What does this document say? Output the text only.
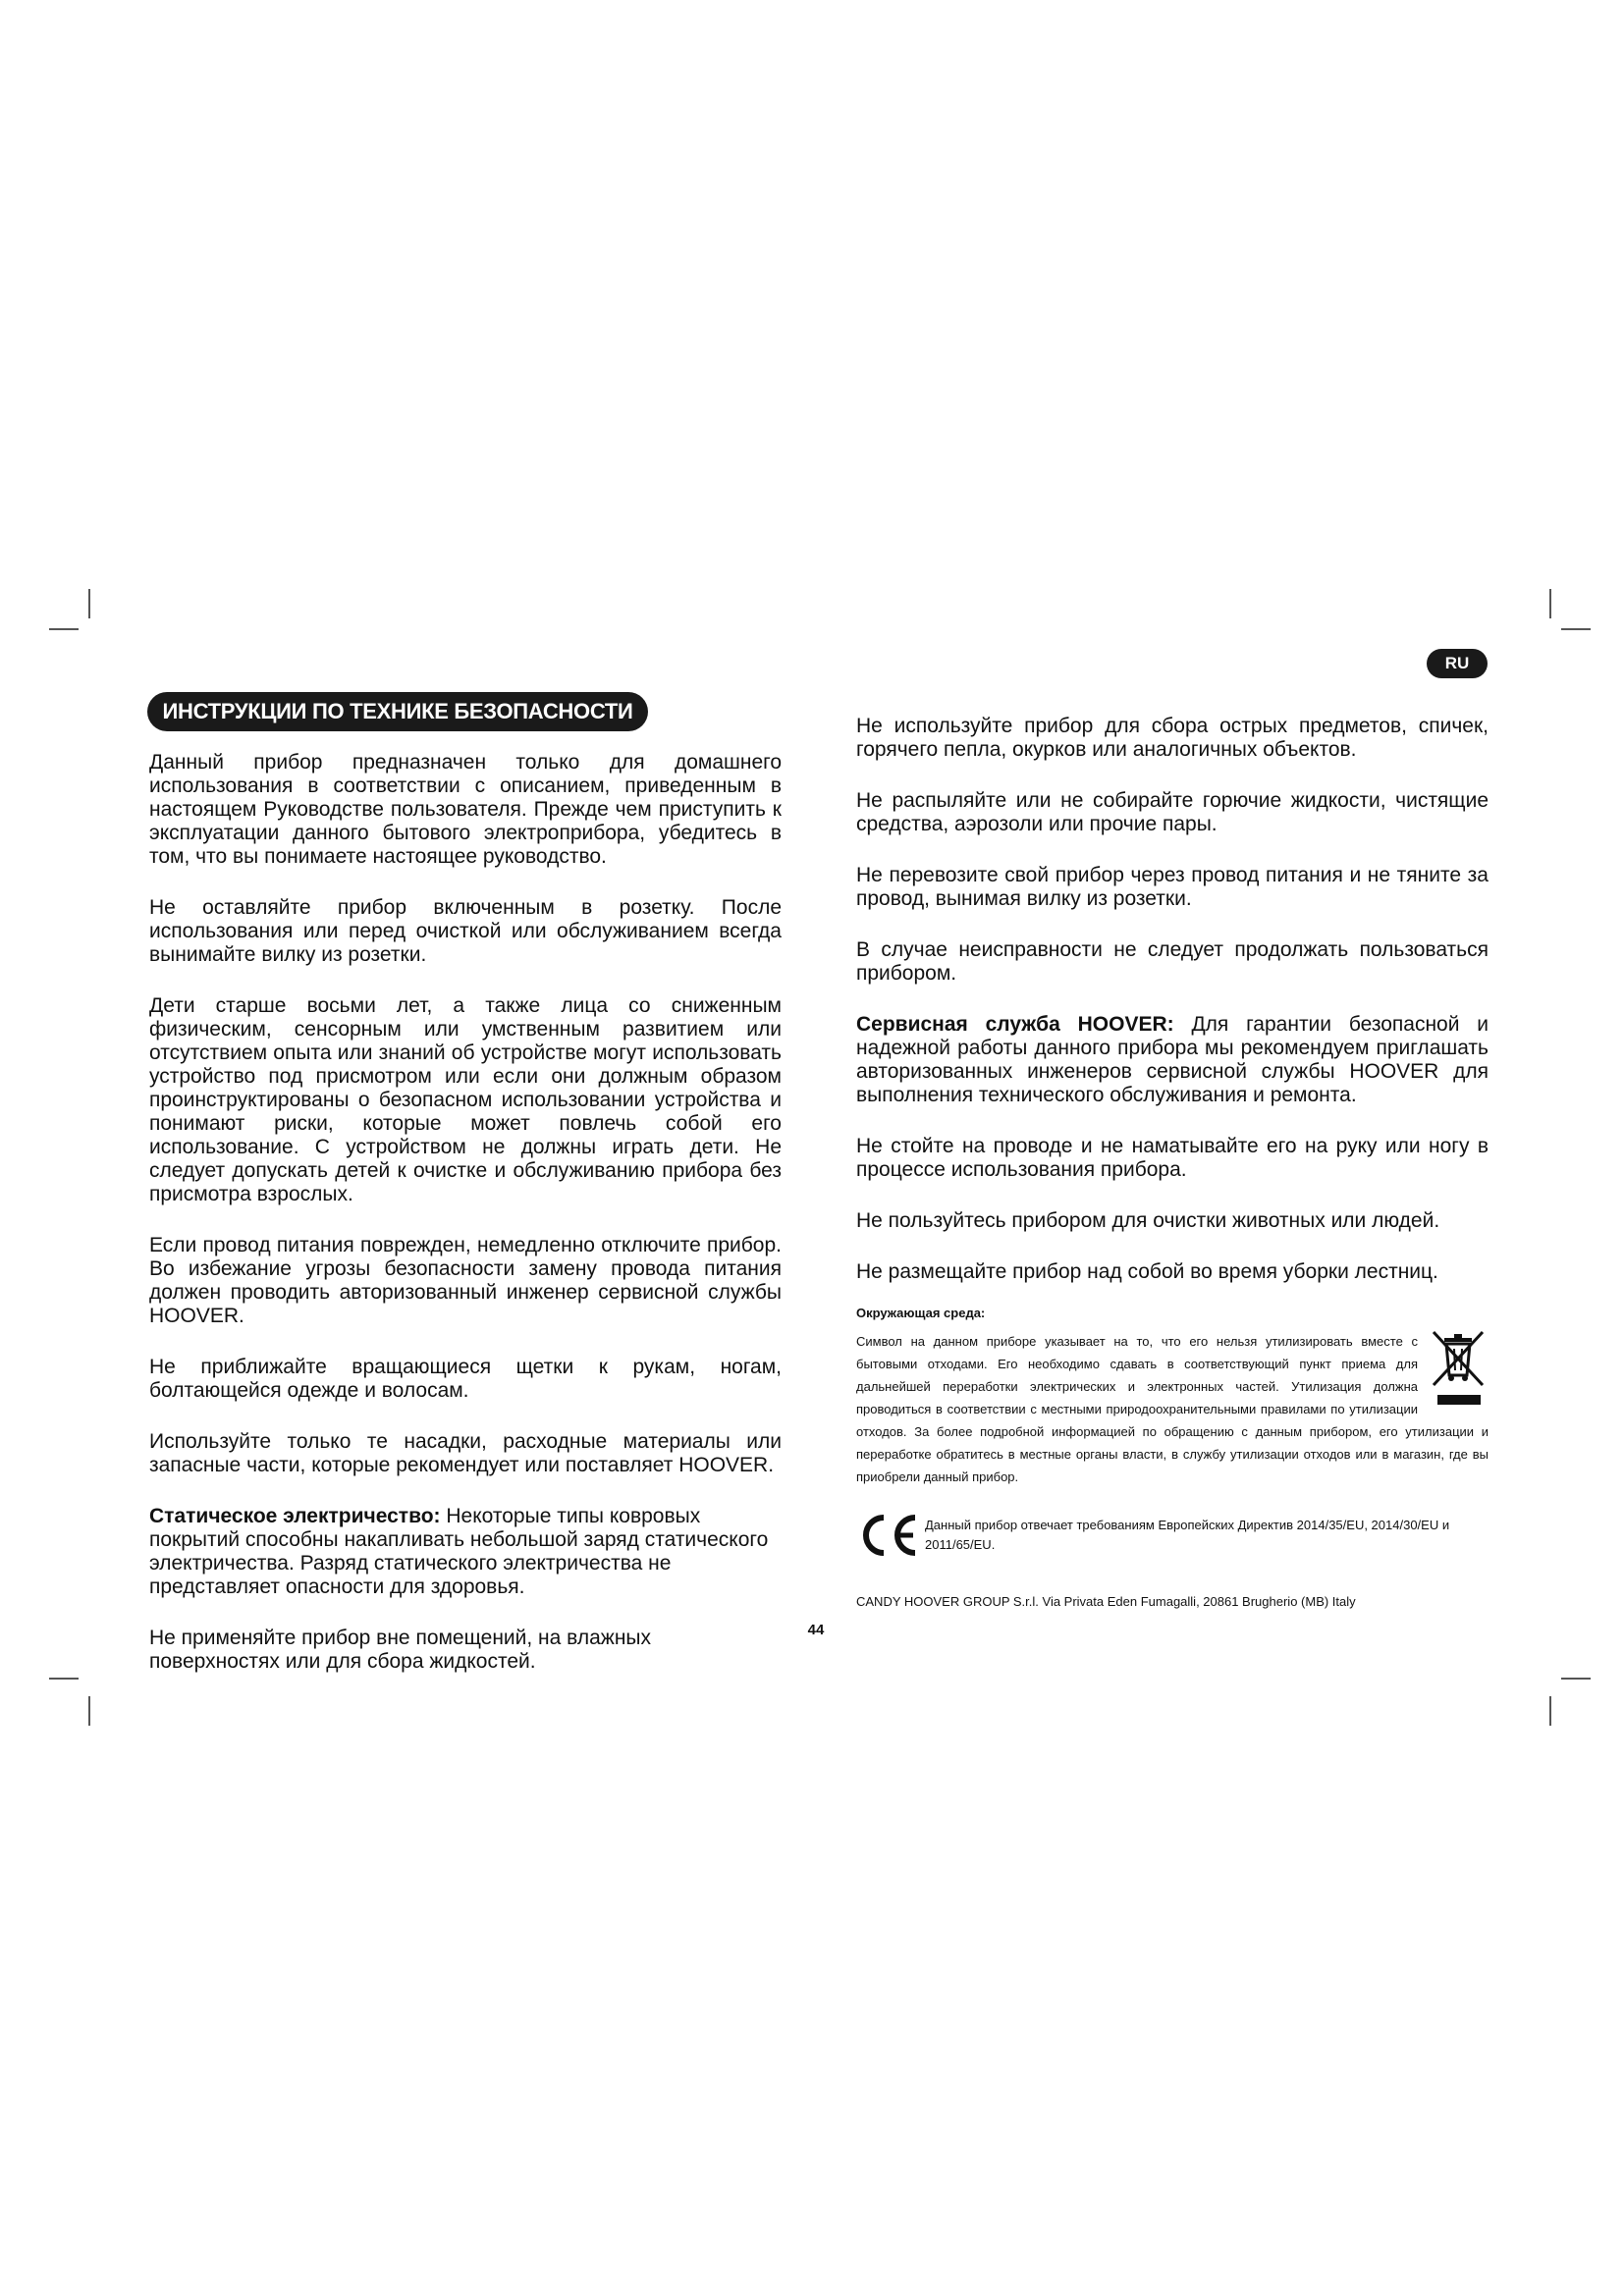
RU
ИНСТРУКЦИИ ПО ТЕХНИКЕ БЕЗОПАСНОСТИ

Данный прибор предназначен только для домашнего использования в соответствии с описанием, приведенным в настоящем Руководстве пользователя. Прежде чем приступить к эксплуатации данного бытового электроприбора, убедитесь в том, что вы понимаете настоящее руководство.

Не оставляйте прибор включенным в розетку. После использования или перед очисткой или обслуживанием всегда вынимайте вилку из розетки.

Дети старше восьми лет, а также лица со сниженным физическим, сенсорным или умственным развитием или отсутствием опыта или знаний об устройстве могут использовать устройство под присмотром или если они должным образом проинструктированы о безопасном использовании устройства и понимают риски, которые может повлечь собой его использование. С устройством не должны играть дети. Не следует допускать детей к очистке и обслуживанию прибора без присмотра взрослых.

Если провод питания поврежден, немедленно отключите прибор. Во избежание угрозы безопасности замену провода питания должен проводить авторизованный инженер сервисной службы HOOVER.

Не приближайте вращающиеся щетки к рукам, ногам, болтающейся одежде и волосам.

Используйте только те насадки, расходные материалы или запасные части, которые рекомендует или поставляет HOOVER.

Статическое электричество: Некоторые типы ковровых покрытий способны накапливать небольшой заряд статического электричества. Разряд статического электричества не представляет опасности для здоровья.

Не применяйте прибор вне помещений, на влажных поверхностях или для сбора жидкостей.

Не используйте прибор для сбора острых предметов, спичек, горячего пепла, окурков или аналогичных объектов.

Не распыляйте или не собирайте горючие жидкости, чистящие средства, аэрозоли или прочие пары.

Не перевозите свой прибор через провод питания и не тяните за провод, вынимая вилку из розетки.

В случае неисправности не следует продолжать пользоваться прибором.

Сервисная служба HOOVER: Для гарантии безопасной и надежной работы данного прибора мы рекомендуем приглашать авторизованных инженеров сервисной службы HOOVER для выполнения технического обслуживания и ремонта.

Не стойте на проводе и не наматывайте его на руку или ногу в процессе использования прибора.

Не пользуйтесь прибором для очистки животных или людей.

Не размещайте прибор над собой во время уборки лестниц.

Окружающая среда:

Символ на данном приборе указывает на то, что его нельзя утилизировать вместе с бытовыми отходами. Его необходимо сдавать в соответствующий пункт приема для дальнейшей переработки электрических и электронных частей. Утилизация должна проводиться в соответствии с местными природоохранительными правилами по утилизации отходов. За более подробной информацией по обращению с данным прибором, его утилизации и переработке обратитесь в местные органы власти, в службу утилизации отходов или в магазин, где вы приобрели данный прибор.

Данный прибор отвечает требованиям Европейских Директив 2014/35/EU, 2014/30/EU и 2011/65/EU.

CANDY HOOVER GROUP S.r.l. Via Privata Eden Fumagalli, 20861 Brugherio (MB) Italy

44
